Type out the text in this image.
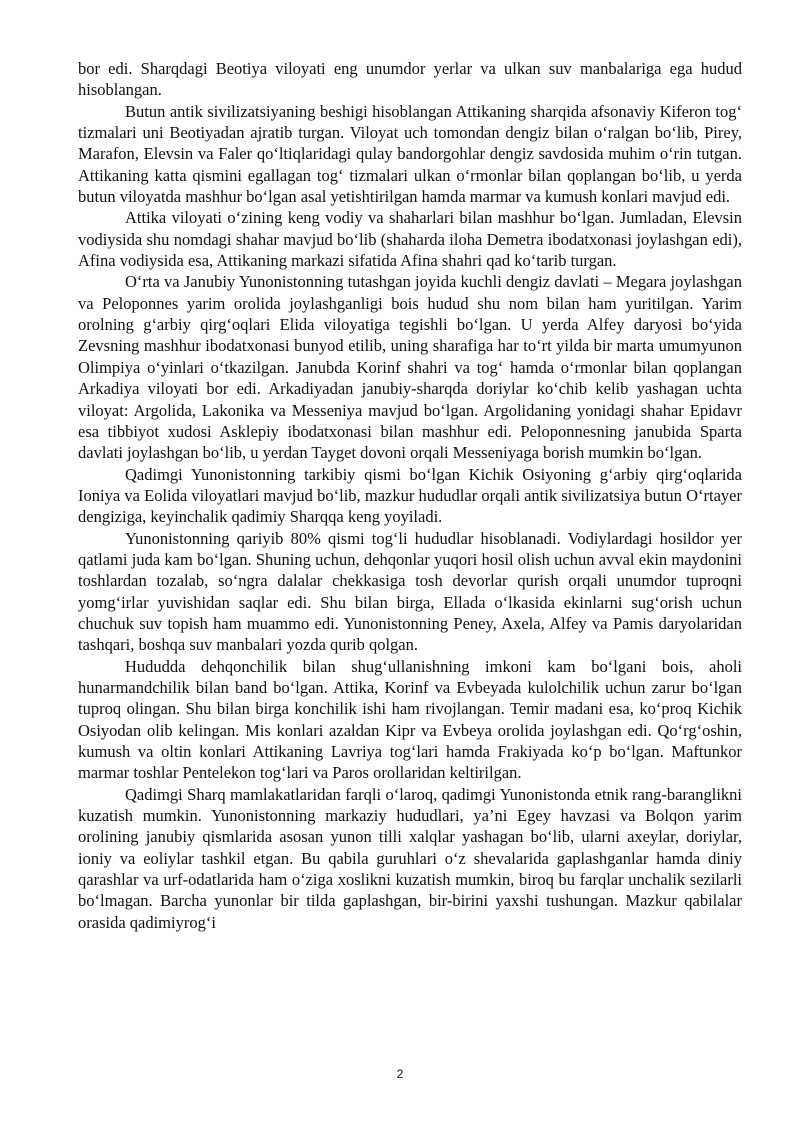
bor edi. Sharqdagi Beotiya viloyati eng unumdor yerlar va ulkan suv manbalariga ega hudud hisoblangan.

Butun antik sivilizatsiyaning beshigi hisoblangan Attikaning sharqida afsonaviy Kiferon tog‘ tizmalari uni Beotiyadan ajratib turgan. Viloyat uch tomondan dengiz bilan o‘ralgan bo‘lib, Pirey, Marafon, Elevsin va Faler qo‘ltiqlaridagi qulay bandorgohlar dengiz savdosida muhim o‘rin tutgan. Attikaning katta qismini egallagan tog‘ tizmalari ulkan o‘rmonlar bilan qoplangan bo‘lib, u yerda butun viloyatda mashhur bo‘lgan asal yetishtirilgan hamda marmar va kumush konlari mavjud edi.

Attika viloyati o‘zining keng vodiy va shaharlari bilan mashhur bo‘lgan. Jumladan, Elevsin vodiysida shu nomdagi shahar mavjud bo‘lib (shaharda iloha Demetra ibodatxonasi joylashgan edi), Afina vodiysida esa, Attikaning markazi sifatida Afina shahri qad ko‘tarib turgan.

O‘rta va Janubiy Yunonistonning tutashgan joyida kuchli dengiz davlati – Megara joylashgan va Peloponnes yarim orolida joylashganligi bois hudud shu nom bilan ham yuritilgan. Yarim orolning g‘arbiy qirg‘oqlari Elida viloyatiga tegishli bo‘lgan. U yerda Alfey daryosi bo‘yida Zevsning mashhur ibodatxonasi bunyod etilib, uning sharafiga har to‘rt yilda bir marta umumyunon Olimpiya o‘yinlari o‘tkazilgan. Janubda Korinf shahri va tog‘ hamda o‘rmonlar bilan qoplangan Arkadiya viloyati bor edi. Arkadiyadan janubiy-sharqda doriylar ko‘chib kelib yashagan uchta viloyat: Argolida, Lakonika va Messeniya mavjud bo‘lgan. Argolidaning yonidagi shahar Epidavr esa tibbiyot xudosi Asklepiy ibodatxonasi bilan mashhur edi. Peloponnesning janubida Sparta davlati joylashgan bo‘lib, u yerdan Tayget dovoni orqali Messeniyaga borish mumkin bo‘lgan.

Qadimgi Yunonistonning tarkibiy qismi bo‘lgan Kichik Osiyoning g‘arbiy qirg‘oqlarida Ioniya va Eolida viloyatlari mavjud bo‘lib, mazkur hududlar orqali antik sivilizatsiya butun O‘rtayer dengiziga, keyinchalik qadimiy Sharqqa keng yoyiladi.

Yunonistonning qariyib 80% qismi tog‘li hududlar hisoblanadi. Vodiylardagi hosildor yer qatlami juda kam bo‘lgan. Shuning uchun, dehqonlar yuqori hosil olish uchun avval ekin maydonini toshlardan tozalab, so‘ngra dalalar chekkasiga tosh devorlar qurish orqali unumdor tuproqni yomg‘irlar yuvishidan saqlar edi. Shu bilan birga, Ellada o‘lkasida ekinlarni sug‘orish uchun chuchuk suv topish ham muammo edi. Yunonistonning Peney, Axela, Alfey va Pamis daryolaridan tashqari, boshqa suv manbalari yozda qurib qolgan.

Hududda dehqonchilik bilan shug‘ullanishning imkoni kam bo‘lgani bois, aholi hunarmandchilik bilan band bo‘lgan. Attika, Korinf va Evbeyada kulolchilik uchun zarur bo‘lgan tuproq olingan. Shu bilan birga konchilik ishi ham rivojlangan. Temir madani esa, ko‘proq Kichik Osiyodan olib kelingan. Mis konlari azaldan Kipr va Evbeya orolida joylashgan edi. Qo‘rg‘oshin, kumush va oltin konlari Attikaning Lavriya tog‘lari hamda Frakiyada ko‘p bo‘lgan. Maftunkor marmar toshlar Pentelekon tog‘lari va Paros orollaridan keltirilgan.

Qadimgi Sharq mamlakatlaridan farqli o‘laroq, qadimgi Yunonistonda etnik rang-baranglikni kuzatish mumkin. Yunonistonning markaziy hududlari, ya’ni Egey havzasi va Bolqon yarim orolining janubiy qismlarida asosan yunon tilli xalqlar yashagan bo‘lib, ularni axeylar, doriylar, ioniy va eoliylar tashkil etgan. Bu qabila guruhlari o‘z shevalarida gaplashganlar hamda diniy qarashlar va urf-odatlarida ham o‘ziga xoslikni kuzatish mumkin, biroq bu farqlar unchalik sezilarli bo‘lmagan. Barcha yunonlar bir tilda gaplashgan, bir-birini yaxshi tushungan. Mazkur qabilalar orasida qadimiyrog‘i

2
